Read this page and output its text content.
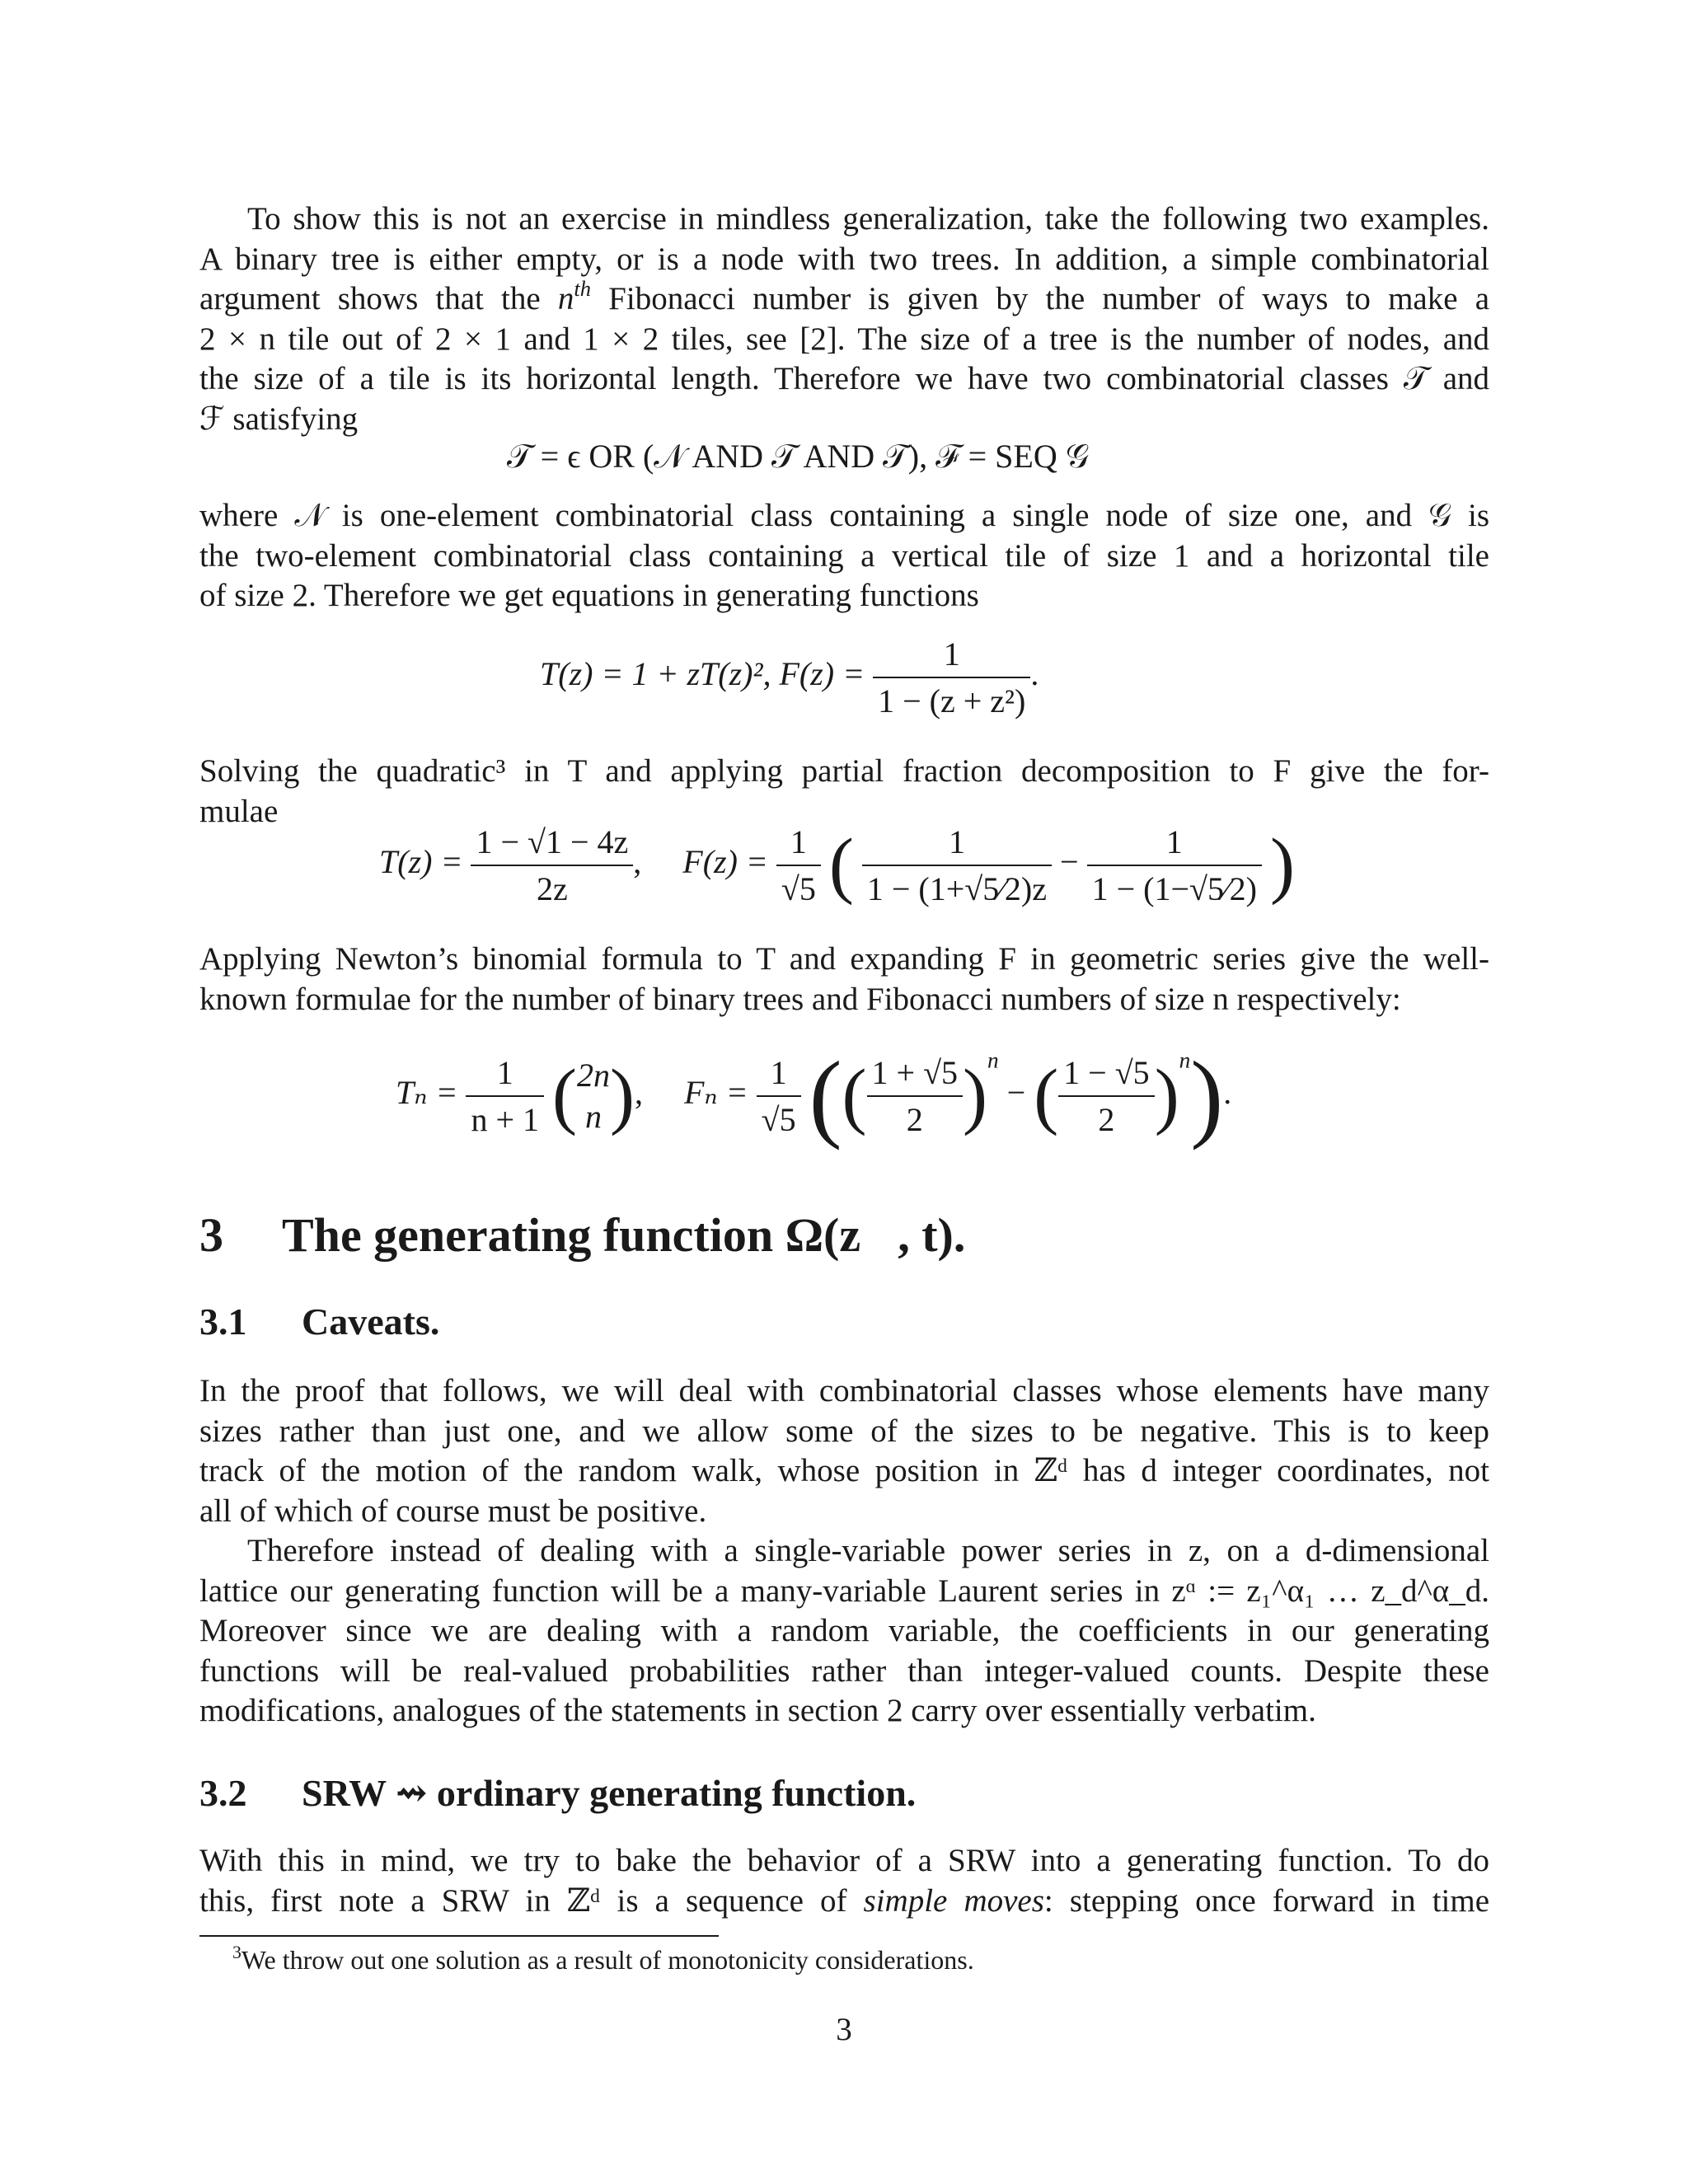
To show this is not an exercise in mindless generalization, take the following two examples.
A binary tree is either empty, or is a node with two trees. In addition, a simple combinatorial
argument shows that the $n^{th}$ Fibonacci number is given by the number of ways to make a
2 × n tile out of 2 × 1 and 1 × 2 tiles, see [2]. The size of a tree is the number of nodes, and
the size of a tile is its horizontal length. Therefore we have two combinatorial classes 𝒯 and
ℱ satisfying
𝒯 = ϵ OR (𝒩 AND 𝒯 AND 𝒯), ℱ = SEQ 𝒢
where 𝒩 is one-element combinatorial class containing a single node of size one, and 𝒢 is
the two-element combinatorial class containing a vertical tile of size 1 and a horizontal tile
of size 2. Therefore we get equations in generating functions
T(z) = 1 + zT(z)², $F(z) = \frac{1}{\text{1 − (z + z²)}}$ .
Solving the quadratic³ in T and applying partial fraction decomposition to F give the for-
mulae
$T(z) = \frac{1 - √1 - 4z}{2z}$ , $F(z) = \frac{1}{√5}$ ( $\frac{1}{1 - (1+√5⁄2)z} - \frac{1}{1 - (1-√5⁄2)}$ )
Applying Newton’s binomial formula to T and expanding F in geometric series give the well-
known formulae for the number of binary trees and Fibonacci numbers of size n respectively:
$T_n = \frac{1}{n + 1}$ ( 2n
n ), $F_n = \frac{1}{√5}$ (( $\frac{1 + √5}{2} )^n$ − ( $\frac{1 - √5}{2} )^n$).
3 The generating function Ω(z⃗, t).
3.1 Caveats.
In the proof that follows, we will deal with combinatorial classes whose elements have many
sizes rather than just one, and we allow some of the sizes to be negative. This is to keep
track of the motion of the random walk, whose position in ℤᵈ has d integer coordinates, not
all of which of course must be positive.
Therefore instead of dealing with a single-variable power series in z, on a d-dimensional
lattice our generating function will be a many-variable Laurent series in zᵅ := z₁^α₁ … z_d^α_d.
Moreover since we are dealing with a random variable, the coefficients in our generating
functions will be real-valued probabilities rather than integer-valued counts. Despite these
modifications, analogues of the statements in section 2 carry over essentially verbatim.
3.2 SRW ⇝ ordinary generating function.
With this in mind, we try to bake the behavior of a SRW into a generating function. To do
this, first note a SRW in ℤᵈ is a sequence of simple moves: stepping once forward in time
$^3$We throw out one solution as a result of monotonicity considerations.
3
